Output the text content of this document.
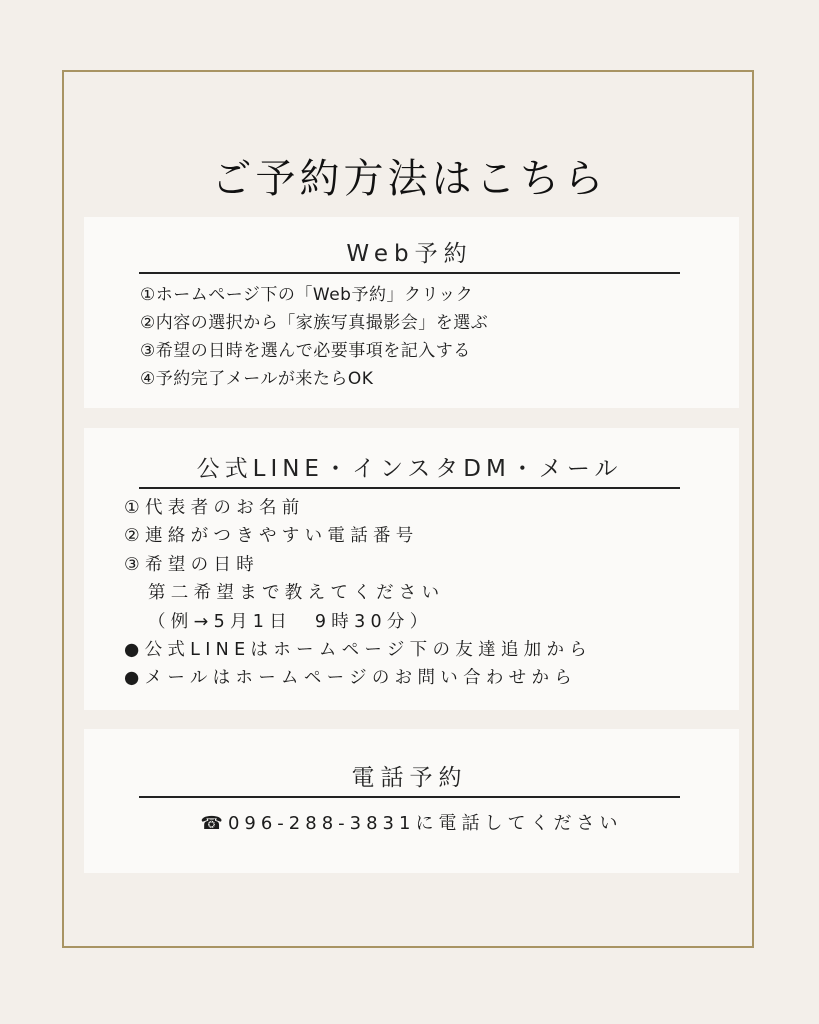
ご予約方法はこちら
Web予約
①ホームページ下の「Web予約」クリック
②内容の選択から「家族写真撮影会」を選ぶ
③希望の日時を選んで必要事項を記入する
④予約完了メールが来たらOK
公式LINE・インスタDM・メール
①代表者のお名前
②連絡がつきやすい電話番号
③希望の日時
第二希望まで教えてください
（例→5月1日　9時30分）
●公式LINEはホームページ下の友達追加から
●メールはホームページのお問い合わせから
電話予約
☎096-288-3831に電話してください
